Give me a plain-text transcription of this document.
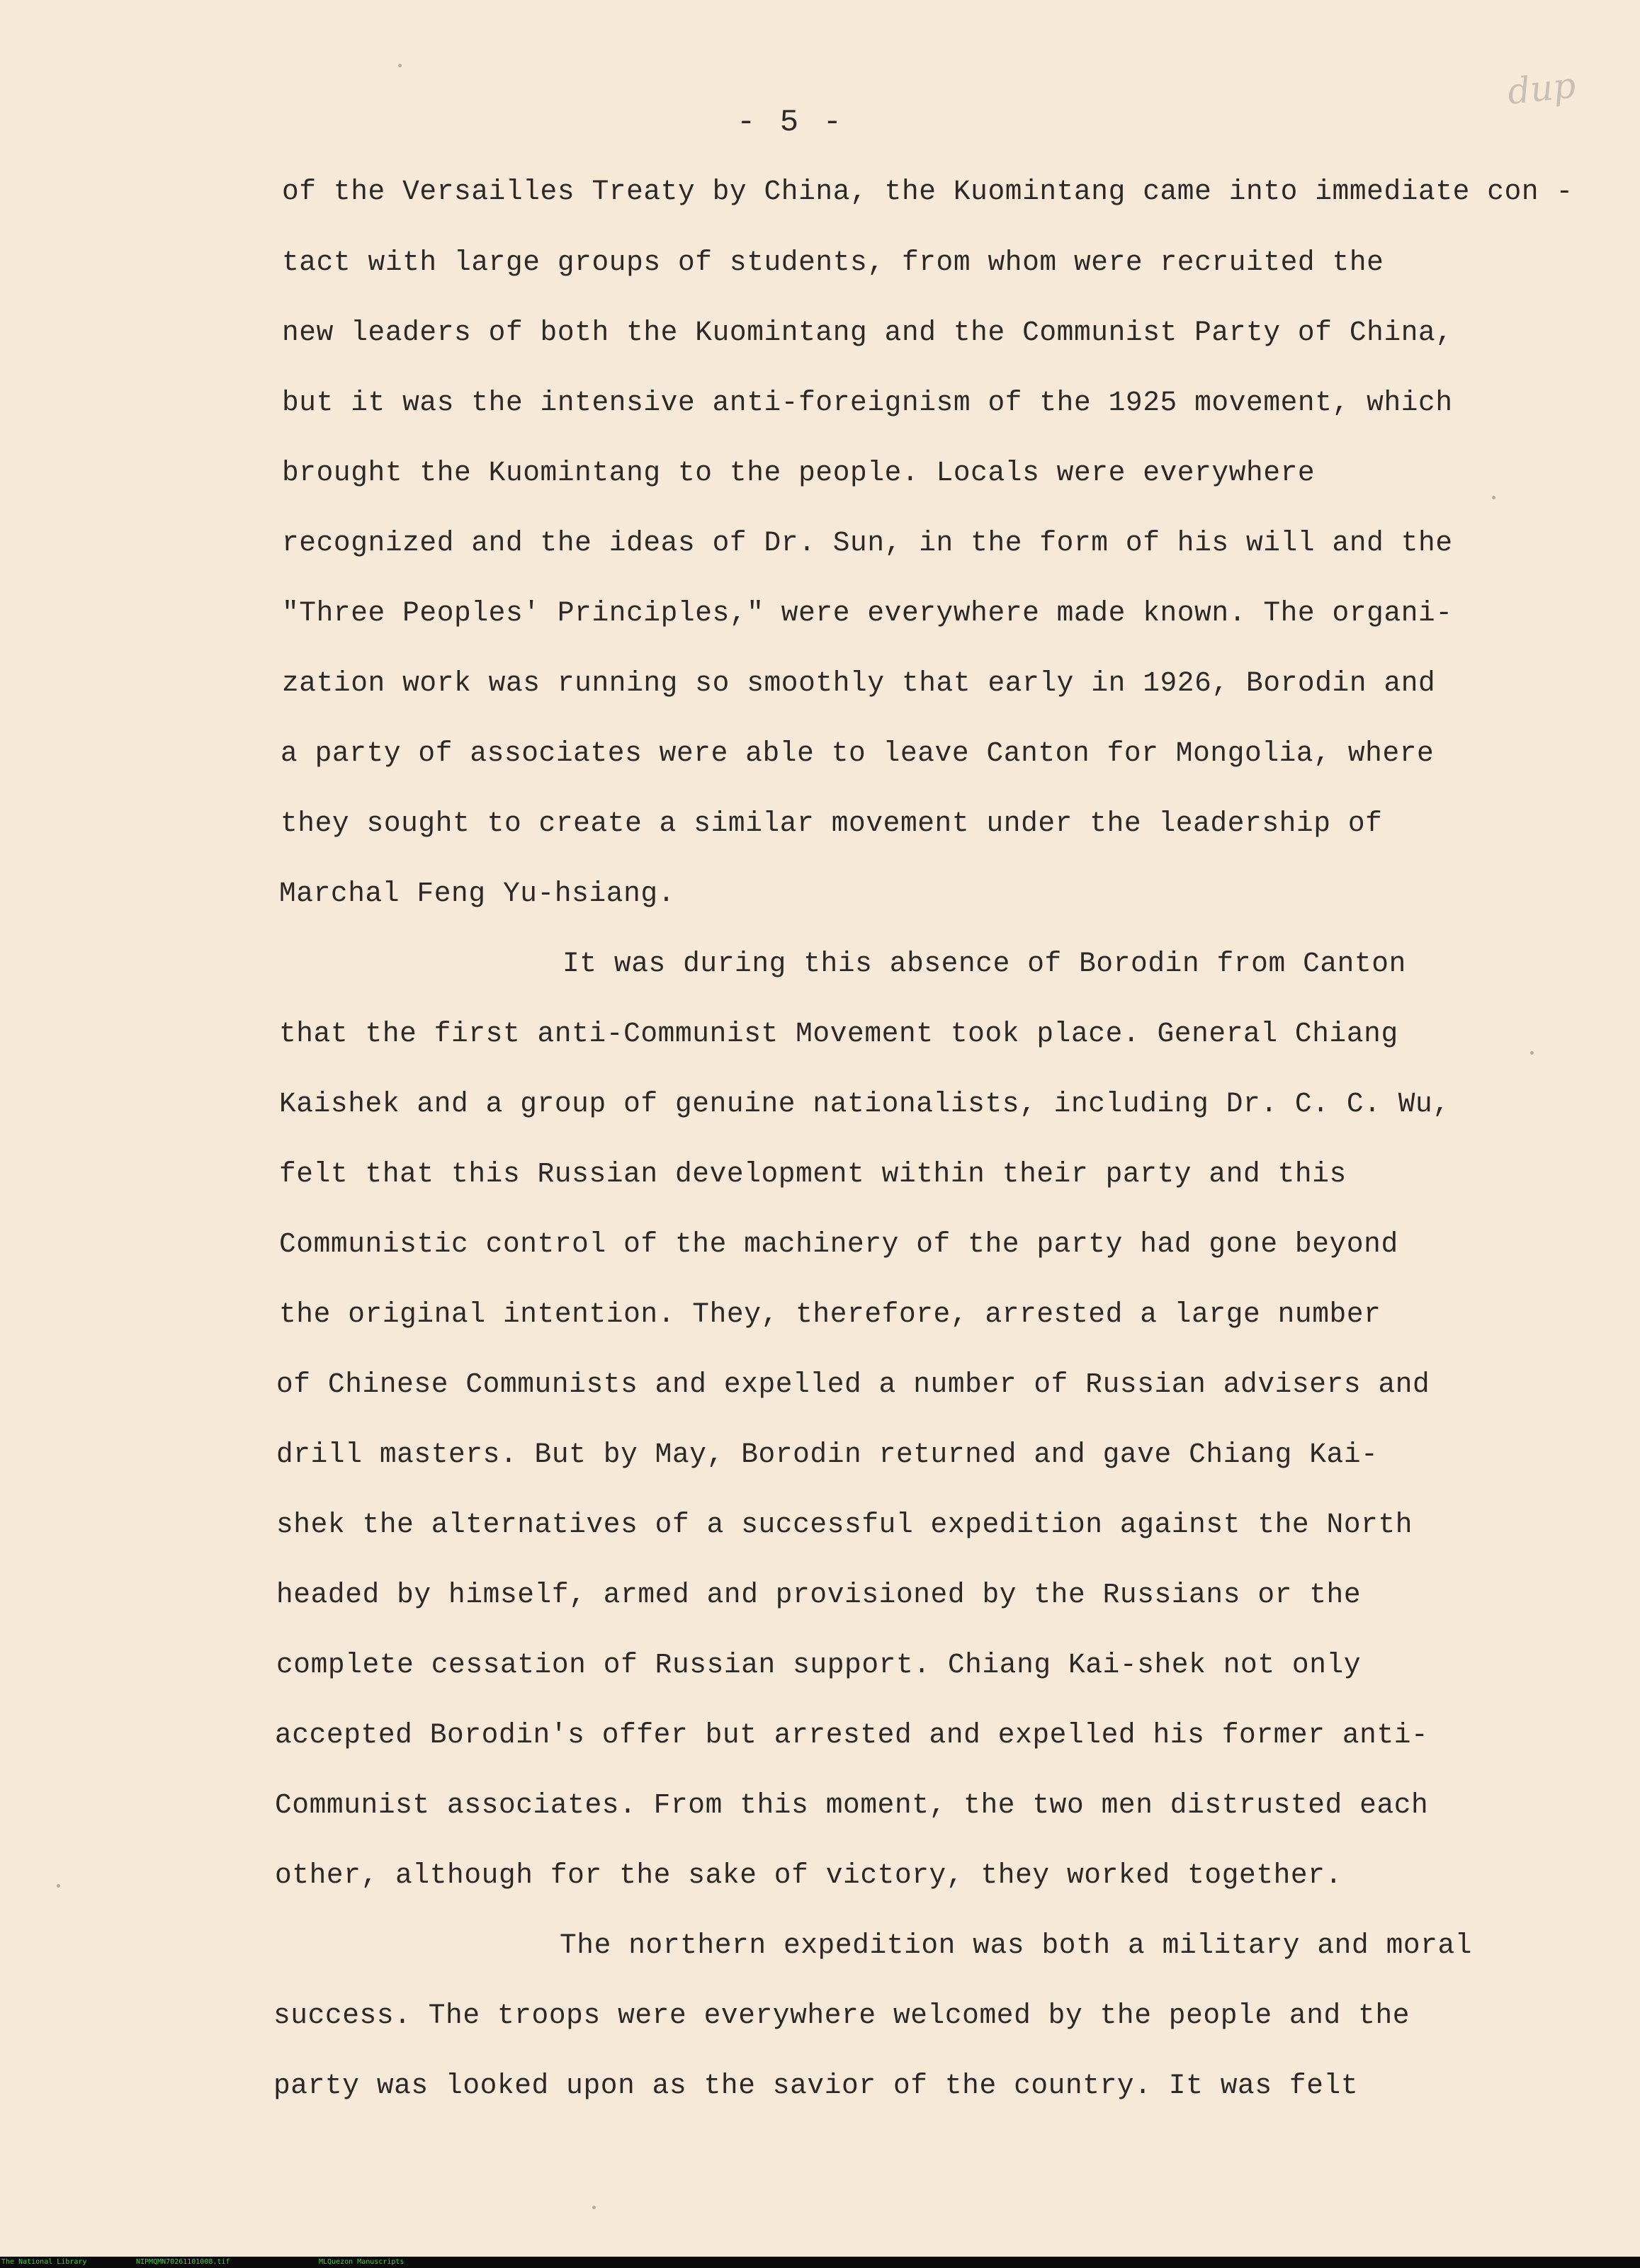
dup
- 5 -
of the Versailles Treaty by China, the Kuomintang came into immediate con -
tact with large groups of students, from whom were recruited the
new leaders of both the Kuomintang and the Communist Party of China,
but it was the intensive anti-foreignism of the 1925 movement, which
brought the Kuomintang to the people. Locals were everywhere
recognized and the ideas of Dr. Sun, in the form of his will and the
"Three Peoples' Principles," were everywhere made known. The organi-
zation work was running so smoothly that early in 1926, Borodin and
a party of associates were able to leave Canton for Mongolia, where
they sought to create a similar movement under the leadership of
Marchal Feng Yu-hsiang.
It was during this absence of Borodin from Canton
that the first anti-Communist Movement took place. General Chiang
Kaishek and a group of genuine nationalists, including Dr. C. C. Wu,
felt that this Russian development within their party and this
Communistic control of the machinery of the party had gone beyond
the original intention. They, therefore, arrested a large number
of Chinese Communists and expelled a number of Russian advisers and
drill masters. But by May, Borodin returned and gave Chiang Kai-
shek the alternatives of a successful expedition against the North
headed by himself, armed and provisioned by the Russians or the
complete cessation of Russian support. Chiang Kai-shek not only
accepted Borodin's offer but arrested and expelled his former anti-
Communist associates. From this moment, the two men distrusted each
other, although for the sake of victory, they worked together.
The northern expedition was both a military and moral
success. The troops were everywhere welcomed by the people and the
party was looked upon as the savior of the country. It was felt
The National Library	NIPMQMN70261101008.tif	MLQuezon Manuscripts
